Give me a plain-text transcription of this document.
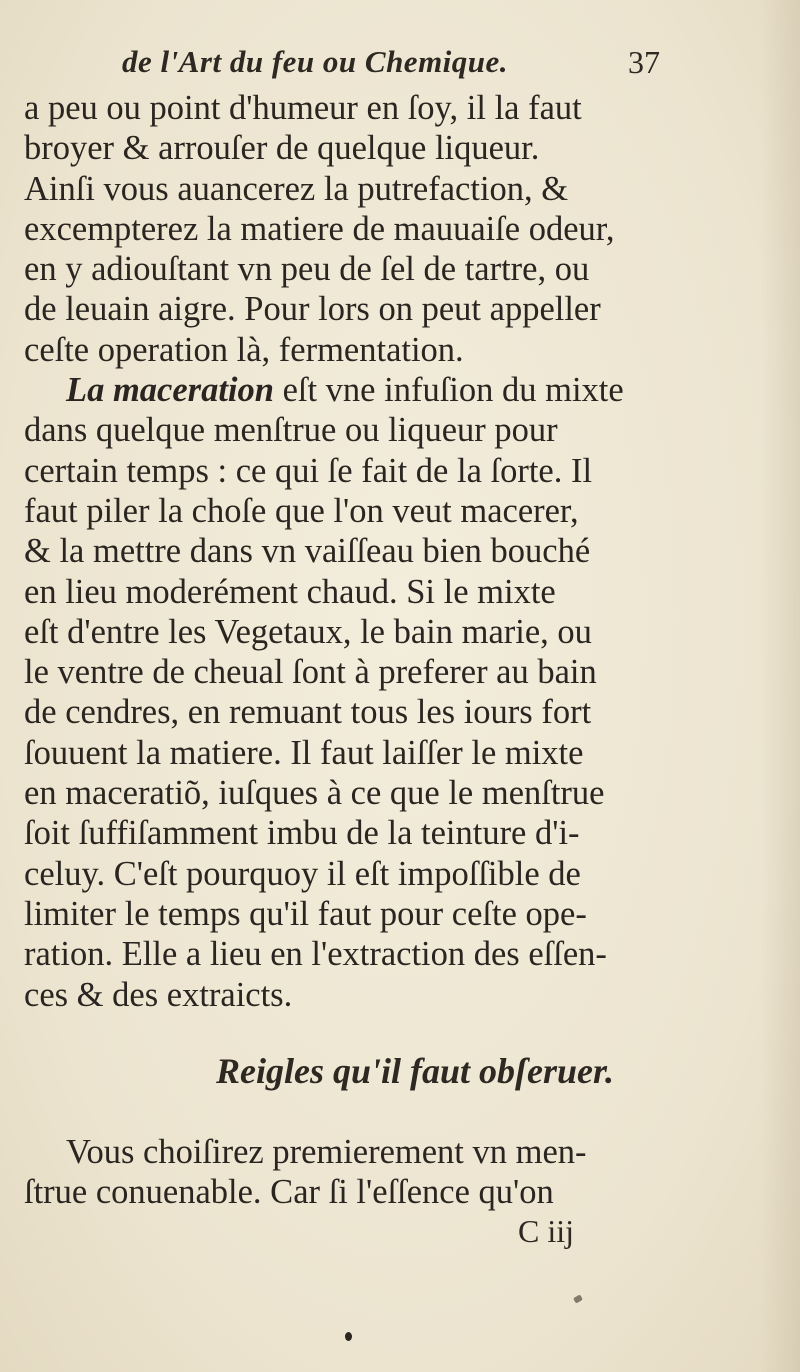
de l'Art du feu ou Chemique.	37
a peu ou point d'humeur en ſoy, il la faut
broyer & arrouſer de quelque liqueur.
Ainſi vous auancerez la putrefaction, &
excempterez la matiere de mauuaiſe odeur,
en y adiouſtant vn peu de ſel de tartre, ou
de leuain aigre. Pour lors on peut appeller
ceſte operation là, fermentation.
La maceration eſt vne infuſion du mixte
dans quelque menſtrue ou liqueur pour
certain temps : ce qui ſe fait de la ſorte. Il
faut piler la choſe que l'on veut macerer,
& la mettre dans vn vaiſſeau bien bouché
en lieu moderément chaud. Si le mixte
eſt d'entre les Vegetaux, le bain marie, ou
le ventre de cheual ſont à preferer au bain
de cendres, en remuant tous les iours fort
ſouuent la matiere. Il faut laiſſer le mixte
en maceratiõ, iuſques à ce que le menſtrue
ſoit ſuffiſamment imbu de la teinture d'i-
celuy. C'eſt pourquoy il eſt impoſſible de
limiter le temps qu'il faut pour ceſte ope-
ration. Elle a lieu en l'extraction des eſſen-
ces & des extraicts.
Reigles qu'il faut obſeruer.
Vous choiſirez premierement vn men-
ſtrue conuenable. Car ſi l'eſſence qu'on
C iij
